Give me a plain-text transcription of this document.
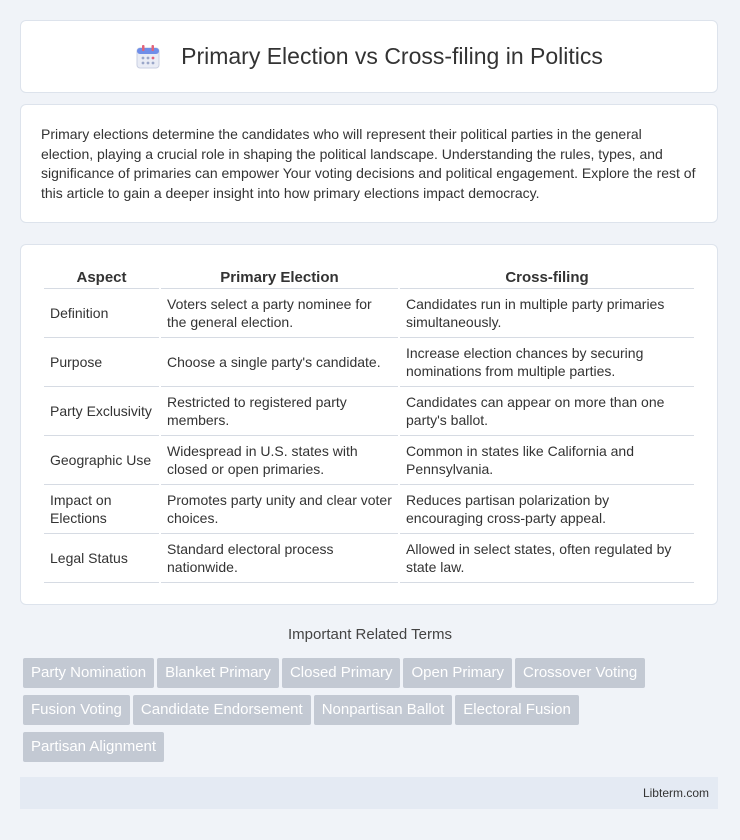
Primary Election vs Cross-filing in Politics

Primary elections determine the candidates who will represent their political parties in the general election, playing a crucial role in shaping the political landscape. Understanding the rules, types, and significance of primaries can empower Your voting decisions and political engagement. Explore the rest of this article to gain a deeper insight into how primary elections impact democracy.

Aspect	Primary Election	Cross-filing
Definition	Voters select a party nominee for the general election.	Candidates run in multiple party primaries simultaneously.
Purpose	Choose a single party's candidate.	Increase election chances by securing nominations from multiple parties.
Party Exclusivity	Restricted to registered party members.	Candidates can appear on more than one party's ballot.
Geographic Use	Widespread in U.S. states with closed or open primaries.	Common in states like California and Pennsylvania.
Impact on Elections	Promotes party unity and clear voter choices.	Reduces partisan polarization by encouraging cross-party appeal.
Legal Status	Standard electoral process nationwide.	Allowed in select states, often regulated by state law.
Important Related Terms
Party Nomination Blanket Primary Closed Primary Open Primary Crossover Voting
Fusion Voting Candidate Endorsement Nonpartisan Ballot Electoral Fusion
Partisan Alignment
Libterm.com
